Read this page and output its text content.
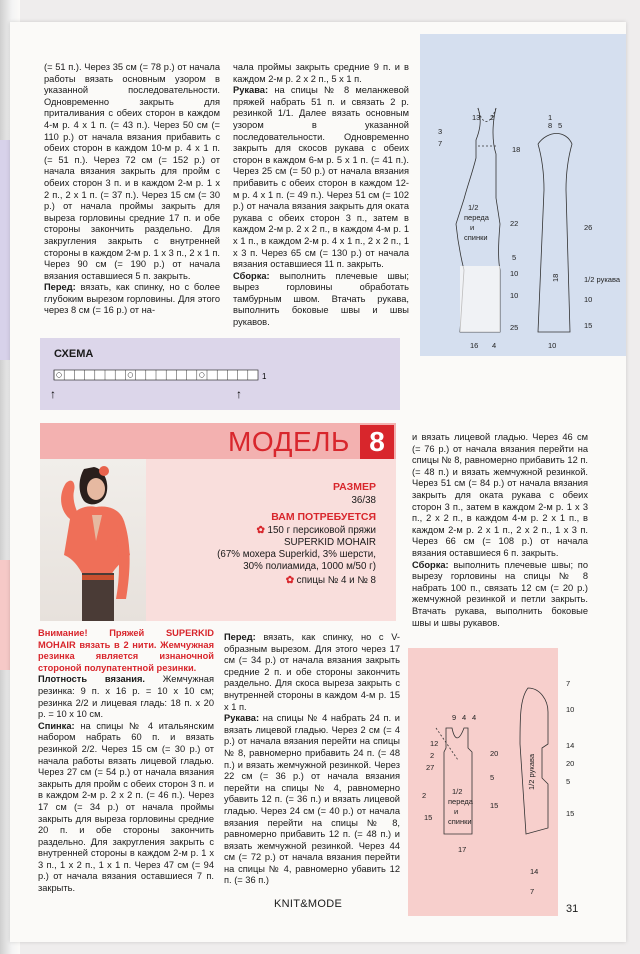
(= 51 п.). Через 35 см (= 78 р.) от начала работы вязать основным узором в указанной последовательности. Одновременно закрыть для приталивания с обеих сторон в каждом 4-м р. 4 х 1 п. (= 43 п.). Через 50 см (= 110 р.) от начала вязания прибавить с обеих сторон в каждом 10-м р. 4 х 1 п. (= 51 п.). Через 72 см (= 152 р.) от начала вязания закрыть для пройм с обеих сторон 3 п. и в каждом 2-м р. 1 х 2 п., 2 х 1 п. (= 37 п.). Через 15 см (= 30 р.) от начала проймы закрыть для выреза горловины средние 17 п. и обе стороны закончить раздельно. Для закругления закрыть с внутренней стороны в каждом 2-м р. 1 х 3 п., 2 х 1 п. Через 90 см (= 190 р.) от начала вязания оставшиеся 5 п. закрыть.

Перед: вязать, как спинку, но с более глубоким вырезом горловины. Для этого через 8 см (= 16 р.) от на-

чала проймы закрыть средние 9 п. и в каждом 2-м р. 2 х 2 п., 5 х 1 п.

Рукава: на спицы № 8 меланжевой пряжей набрать 51 п. и связать 2 р. резинкой 1/1. Далее вязать основным узором в указанной последовательности. Одновременно закрыть для скосов рукава с обеих сторон в каждом 6-м р. 5 х 1 п. (= 41 п.). Через 25 см (= 50 р.) от начала вязания прибавить с обеих сторон в каждом 12-м р. 4 х 1 п. (= 49 п.). Через 51 см (= 102 р.) от начала вязания закрыть для оката рукава с обеих сторон 3 п., затем в каждом 2-м р. 2 х 2 п., в каждом 4-м р. 1 х 1 п., в каждом 2-м р. 4 х 1 п., 2 х 2 п., 1 х 3 п. Через 65 см (= 130 р.) от начала вязания оставшиеся 11 п. закрыть.

Сборка: выполнить плечевые швы; вырез горловины обработать тамбурным швом. Втачать рукава, выполнить боковые швы и швы рукавов.

13 2
3
7
18
1/2
переда
и
спинки
22
5
10
10
25
16 4
8 5
1
26
1/2 рукава
10
15
10
18
СХЕМА
1
↑	↑
МОДЕЛЬ 8
РАЗМЕР
36/38
ВАМ ПОТРЕБУЕТСЯ
✿ 150 г персиковой пряжи
SUPERKID MOHAIR
(67% мохера Superkid, 3% шерсти,
30% полиамида, 1000 м/50 г)
✿ спицы № 4 и № 8

и вязать лицевой гладью. Через 46 см (= 76 р.) от начала вязания перейти на спицы № 8, равномерно прибавить 12 п. (= 48 п.) и вязать жемчужной резинкой. Через 51 см (= 84 р.) от начала вязания закрыть для оката рукава с обеих сторон 3 п., затем в каждом 2-м р. 1 х 3 п., 2 х 2 п., в каждом 4-м р. 2 х 1 п., в каждом 2-м р. 2 х 1 п., 2 х 2 п., 1 х 3 п. Через 66 см (= 108 р.) от начала вязания оставшиеся 6 п. закрыть.

Сборка: выполнить плечевые швы; по вырезу горловины на спицы № 8 набрать 100 п., связать 12 см (= 20 р.) жемчужной резинкой и петли закрыть. Втачать рукава, выполнить боковые швы и швы рукавов.

Внимание! Пряжей SUPERKID MOHAIR вязать в 2 нити. Жемчужная резинка является изнаночной стороной полупатентной резинки.

Плотность вязания. Жемчужная резинка: 9 п. х 16 р. = 10 х 10 см; резинка 2/2 и лицевая гладь: 18 п. х 20 р. = 10 х 10 см.

Спинка: на спицы № 4 итальянским набором набрать 60 п. и вязать резинкой 2/2. Через 15 см (= 30 р.) от начала работы вязать лицевой гладью. Через 27 см (= 54 р.) от начала вязания закрыть для пройм с обеих сторон 3 п. и в каждом 2-м р. 2 х 2 п. (= 46 п.). Через 17 см (= 34 р.) от начала проймы закрыть для выреза горловины средние 20 п. и обе стороны закончить раздельно. Для закругления закрыть с внутренней стороны в каждом 2-м р. 1 х 3 п., 1 х 2 п., 1 х 1 п. Через 47 см (= 94 р.) от начала вязания оставшиеся 7 п. закрыть.

Перед: вязать, как спинку, но с V-образным вырезом. Для этого через 17 см (= 34 р.) от начала вязания закрыть средние 2 п. и обе стороны закончить раздельно. Для скоса выреза закрыть с внутренней стороны в каждом 4-м р. 15 х 1 п.

Рукава: на спицы № 4 набрать 24 п. и вязать лицевой гладью. Через 2 см (= 4 р.) от начала вязания перейти на спицы № 8, равномерно прибавить 24 п. (= 48 п.) и вязать жемчужной резинкой. Через 22 см (= 36 р.) от начала вязания перейти на спицы № 4, равномерно убавить 12 п. (= 36 п.) и вязать лицевой гладью. Через 24 см (= 40 р.) от начала вязания перейти на спицы № 8, равномерно прибавить 12 п. (= 48 п.) и вязать жемчужной резинкой. Через 44 см (= 72 р.) от начала вязания перейти на спицы № 4, равномерно убавить 12 п. (= 36 п.)

9 4 4
12
2
27
20
5
15
2	1/2
переда
и
спинки
15
17
7
10
1/2 рукава
14
20
5
15
14
7
KNIT&MODE	31
